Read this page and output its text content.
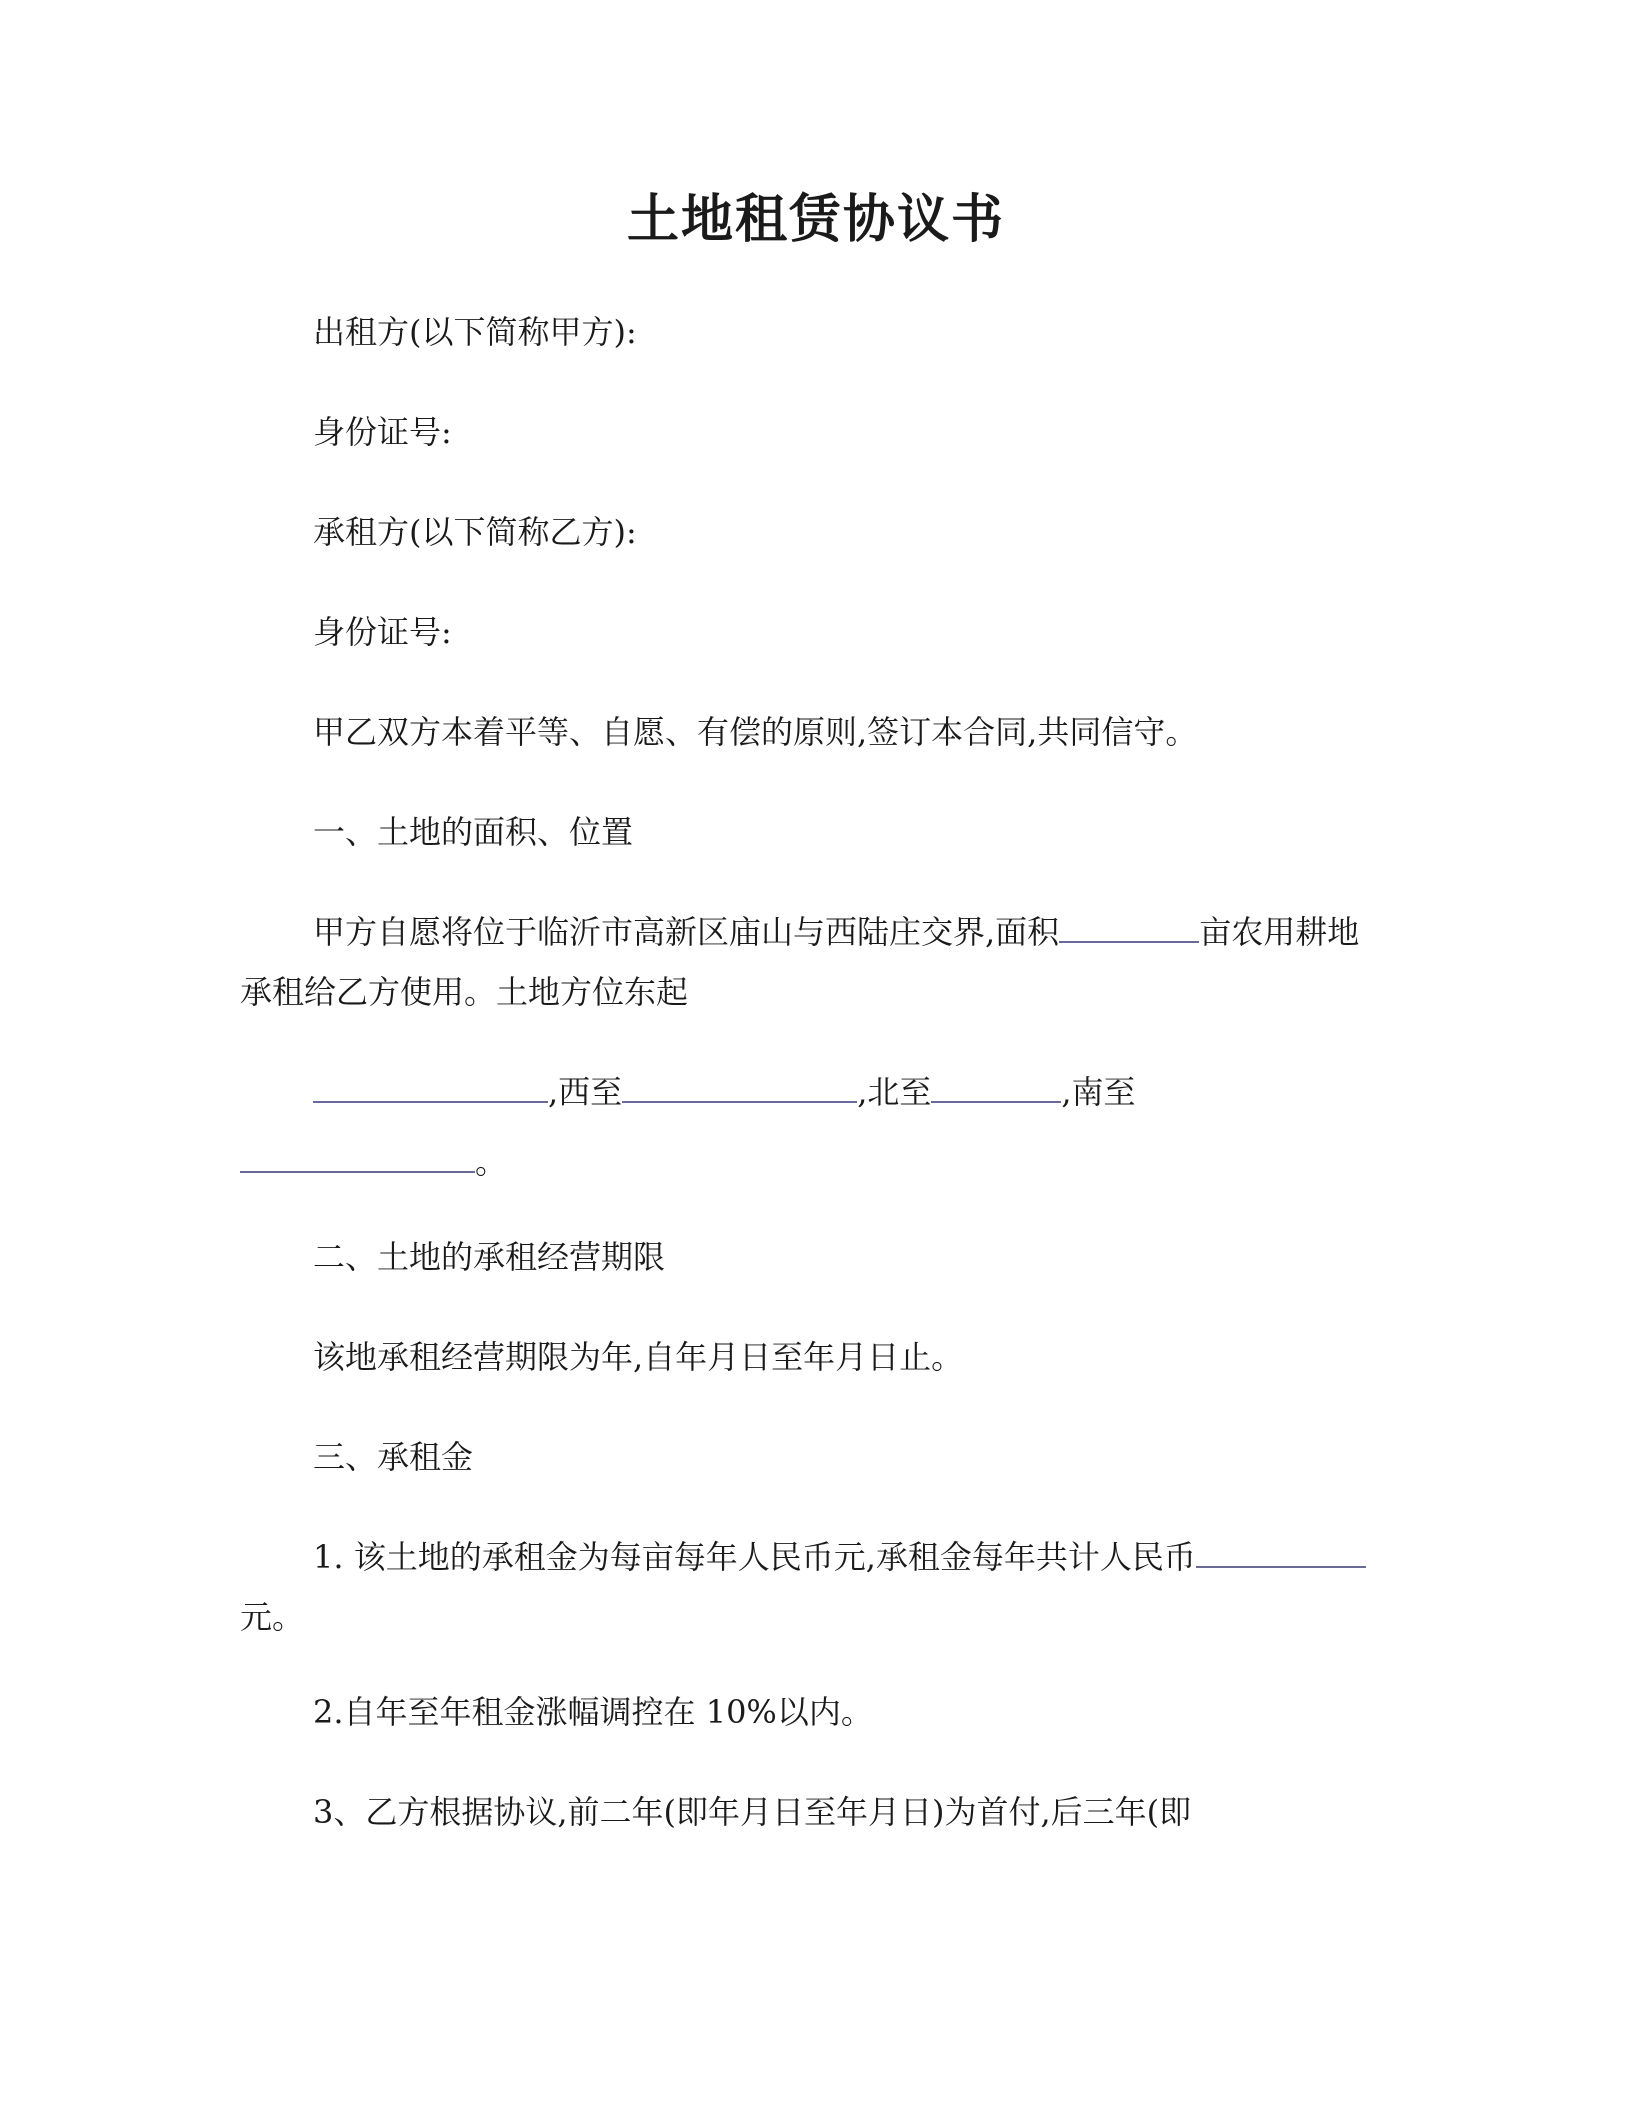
土地租赁协议书
出租方(以下简称甲方):
身份证号:
承租方(以下简称乙方):
身份证号:
甲乙双方本着平等、自愿、有偿的原则,签订本合同,共同信守。
一、土地的面积、位置
甲方自愿将位于临沂市高新区庙山与西陆庄交界,面积	亩农用耕地
承租给乙方使用。土地方位东起
,西至	,北至	,南至
。
二、土地的承租经营期限
该地承租经营期限为年,自年月日至年月日止。
三、承租金
1. 该土地的承租金为每亩每年人民币元,承租金每年共计人民币
元。
2.自年至年租金涨幅调控在 10%以内。
3、乙方根据协议,前二年(即年月日至年月日)为首付,后三年(即
